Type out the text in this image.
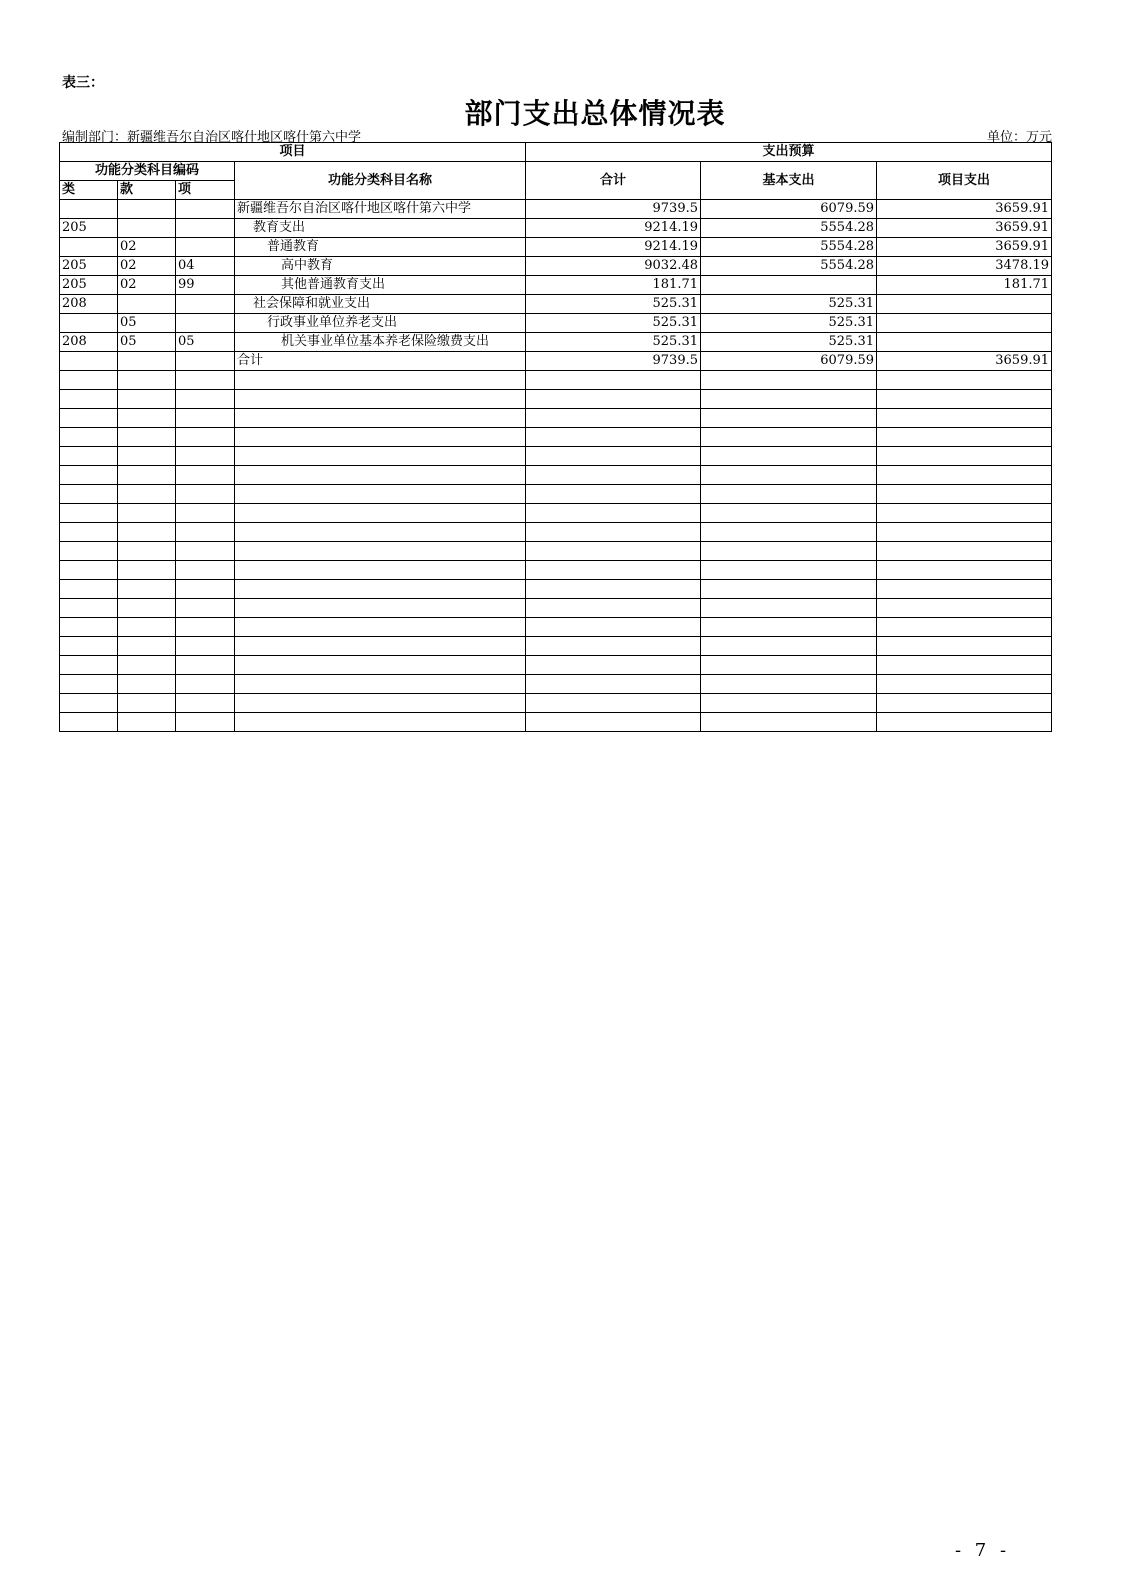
表三：
部门支出总体情况表
编制部门：新疆维吾尔自治区喀什地区喀什第六中学	单位：万元
项目				支出预算		
功能分类科目编码			功能分类科目名称	合计	基本支出	项目支出
类	款	项				
			新疆维吾尔自治区喀什地区喀什第六中学	9739.5	6079.59	3659.91
205			教育支出	9214.19	5554.28	3659.91
	02		普通教育	9214.19	5554.28	3659.91
205	02	04	高中教育	9032.48	5554.28	3478.19
205	02	99	其他普通教育支出	181.71		181.71
208			社会保障和就业支出	525.31	525.31	
	05		行政事业单位养老支出	525.31	525.31	
208	05	05	机关事业单位基本养老保险缴费支出	525.31	525.31	
			合计	9739.5	6079.59	3659.91

- 7 -
